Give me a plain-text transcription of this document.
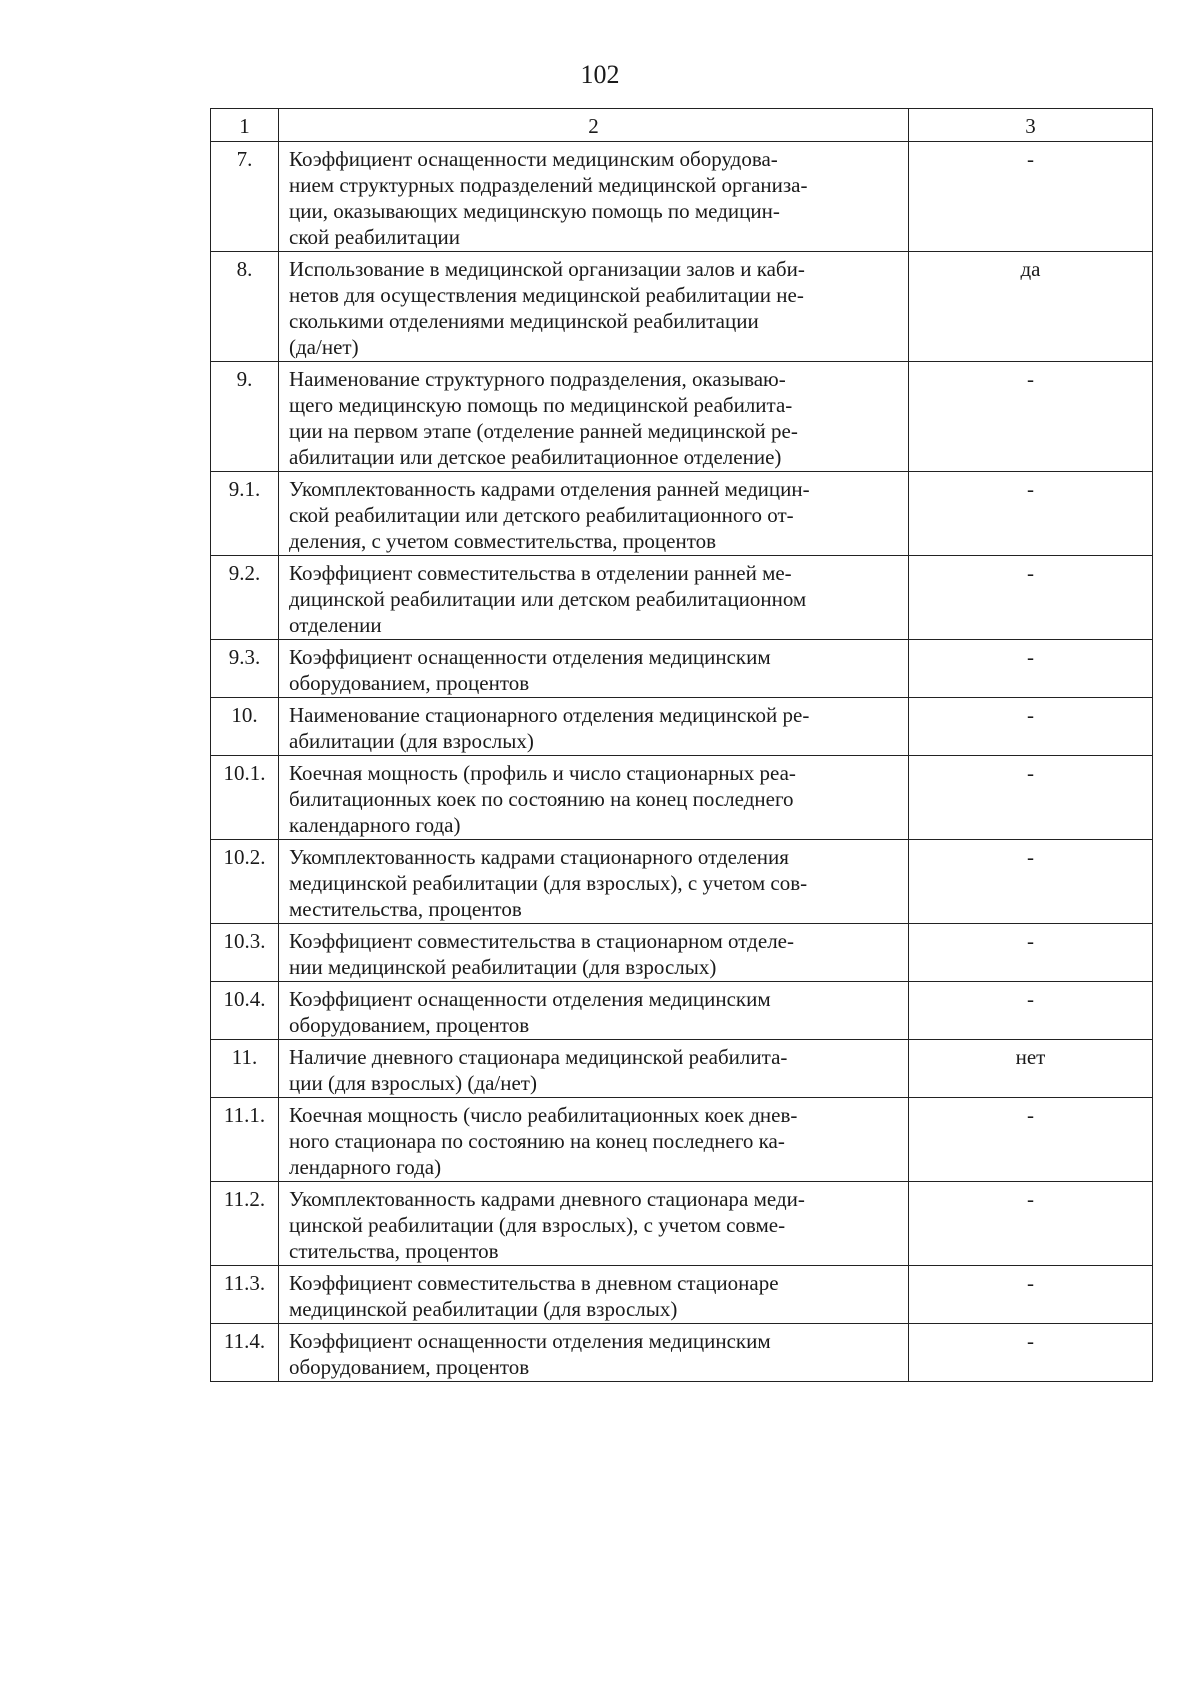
102
1	2	3
7.	Коэффициент оснащенности медицинским оборудова-
нием структурных подразделений медицинской организа-
ции, оказывающих медицинскую помощь по медицин-
ской реабилитации	-
8.	Использование в медицинской организации залов и каби-
нетов для осуществления медицинской реабилитации не-
сколькими отделениями медицинской реабилитации
(да/нет)	да
9.	Наименование структурного подразделения, оказываю-
щего медицинскую помощь по медицинской реабилита-
ции на первом этапе (отделение ранней медицинской ре-
абилитации или детское реабилитационное отделение)	-
9.1.	Укомплектованность кадрами отделения ранней медицин-
ской реабилитации или детского реабилитационного от-
деления, с учетом совместительства, процентов	-
9.2.	Коэффициент совместительства в отделении ранней ме-
дицинской реабилитации или детском реабилитационном
отделении	-
9.3.	Коэффициент оснащенности отделения медицинским
оборудованием, процентов	-
10.	Наименование стационарного отделения медицинской ре-
абилитации (для взрослых)	-
10.1.	Коечная мощность (профиль и число стационарных реа-
билитационных коек по состоянию на конец последнего
календарного года)	-
10.2.	Укомплектованность кадрами стационарного отделения
медицинской реабилитации (для взрослых), с учетом сов-
местительства, процентов	-
10.3.	Коэффициент совместительства в стационарном отделе-
нии медицинской реабилитации (для взрослых)	-
10.4.	Коэффициент оснащенности отделения медицинским
оборудованием, процентов	-
11.	Наличие дневного стационара медицинской реабилита-
ции (для взрослых) (да/нет)	нет
11.1.	Коечная мощность (число реабилитационных коек днев-
ного стационара по состоянию на конец последнего ка-
лендарного года)	-
11.2.	Укомплектованность кадрами дневного стационара меди-
цинской реабилитации (для взрослых), с учетом совме-
стительства, процентов	-
11.3.	Коэффициент совместительства в дневном стационаре
медицинской реабилитации (для взрослых)	-
11.4.	Коэффициент оснащенности отделения медицинским
оборудованием, процентов	-
